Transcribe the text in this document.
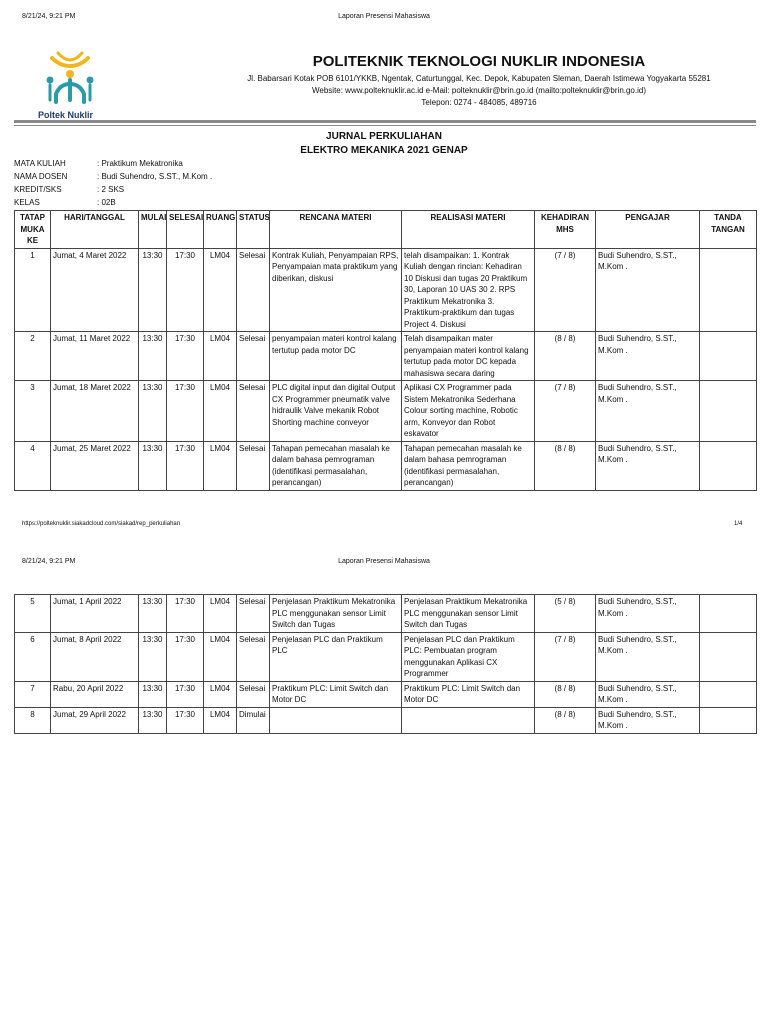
8/21/24, 9:21 PM	Laporan Presensi Mahasiswa
Poltek Nuklir
POLITEKNIK TEKNOLOGI NUKLIR INDONESIA
Jl. Babarsari Kotak POB 6101/YKKB, Ngentak, Caturtunggal, Kec. Depok, Kabupaten Sleman, Daerah Istimewa Yogyakarta 55281
Website: www.polteknuklir.ac.id e-Mail: polteknuklir@brin.go.id (mailto:polteknuklir@brin.go.id)
Telepon: 0274 - 484085, 489716
JURNAL PERKULIAHAN
ELEKTRO MEKANIKA 2021 GENAP
MATA KULIAH	: Praktikum Mekatronika
NAMA DOSEN	: Budi Suhendro, S.ST., M.Kom .
KREDIT/SKS	: 2 SKS
KELAS	: 02B
TATAP MUKA KE	HARI/TANGGAL	MULAI	SELESAI	RUANG	STATUS	RENCANA MATERI	REALISASI MATERI	KEHADIRAN MHS	PENGAJAR	TANDA TANGAN
1	Jumat, 4 Maret 2022	13:30	17:30	LM04	Selesai	Kontrak Kuliah, Penyampaian RPS, Penyampaian mata praktikum yang diberikan, diskusi	telah disampaikan: 1. Kontrak Kuliah dengan rincian: Kehadiran 10 Diskusi dan tugas 20 Praktikum 30, Laporan 10 UAS 30 2. RPS Praktikum Mekatronika 3. Praktikum-praktikum dan tugas Project 4. Diskusi	(7 / 8)	Budi Suhendro, S.ST., M.Kom .	
2	Jumat, 11 Maret 2022	13:30	17:30	LM04	Selesai	penyampaian materi kontrol kalang tertutup pada motor DC	Telah disampaikan mater penyampaian materi kontrol kalang tertutup pada motor DC kepada mahasiswa secara daring	(8 / 8)	Budi Suhendro, S.ST., M.Kom .	
3	Jumat, 18 Maret 2022	13:30	17:30	LM04	Selesai	PLC digital input dan digital Output CX Programmer pneumatik valve hidraulik Valve mekanik Robot Shorting machine conveyor	Aplikasi CX Programmer pada Sistem Mekatronika Sederhana Colour sorting machine, Robotic arm, Konveyor dan Robot eskavator	(7 / 8)	Budi Suhendro, S.ST., M.Kom .	
4	Jumat, 25 Maret 2022	13:30	17:30	LM04	Selesai	Tahapan pemecahan masalah ke dalam bahasa pemrograman (identifikasi permasalahan, perancangan)	Tahapan pemecahan masalah ke dalam bahasa pemrograman (identifikasi permasalahan, perancangan)	(8 / 8)	Budi Suhendro, S.ST., M.Kom .	
https://polteknuklir.siakadcloud.com/siakad/rep_perkuliahan	1/4
8/21/24, 9:21 PM	Laporan Presensi Mahasiswa
5	Jumat, 1 April 2022	13:30	17:30	LM04	Selesai	Penjelasan Praktikum Mekatronika PLC menggunakan sensor Limit Switch dan Tugas	Penjelasan Praktikum Mekatronika PLC menggunakan sensor Limit Switch dan Tugas	(5 / 8)	Budi Suhendro, S.ST., M.Kom .	
6	Jumat, 8 April 2022	13:30	17:30	LM04	Selesai	Penjelasan PLC dan Praktikum PLC	Penjelasan PLC dan Praktikum PLC: Pembuatan program menggunakan Aplikasi CX Programmer	(7 / 8)	Budi Suhendro, S.ST., M.Kom .	
7	Rabu, 20 April 2022	13:30	17:30	LM04	Selesai	Praktikum PLC: Limit Switch dan Motor DC	Praktikum PLC: Limit Switch dan Motor DC	(8 / 8)	Budi Suhendro, S.ST., M.Kom .	
8	Jumat, 29 April 2022	13:30	17:30	LM04	Dimulai			(8 / 8)	Budi Suhendro, S.ST., M.Kom .	
